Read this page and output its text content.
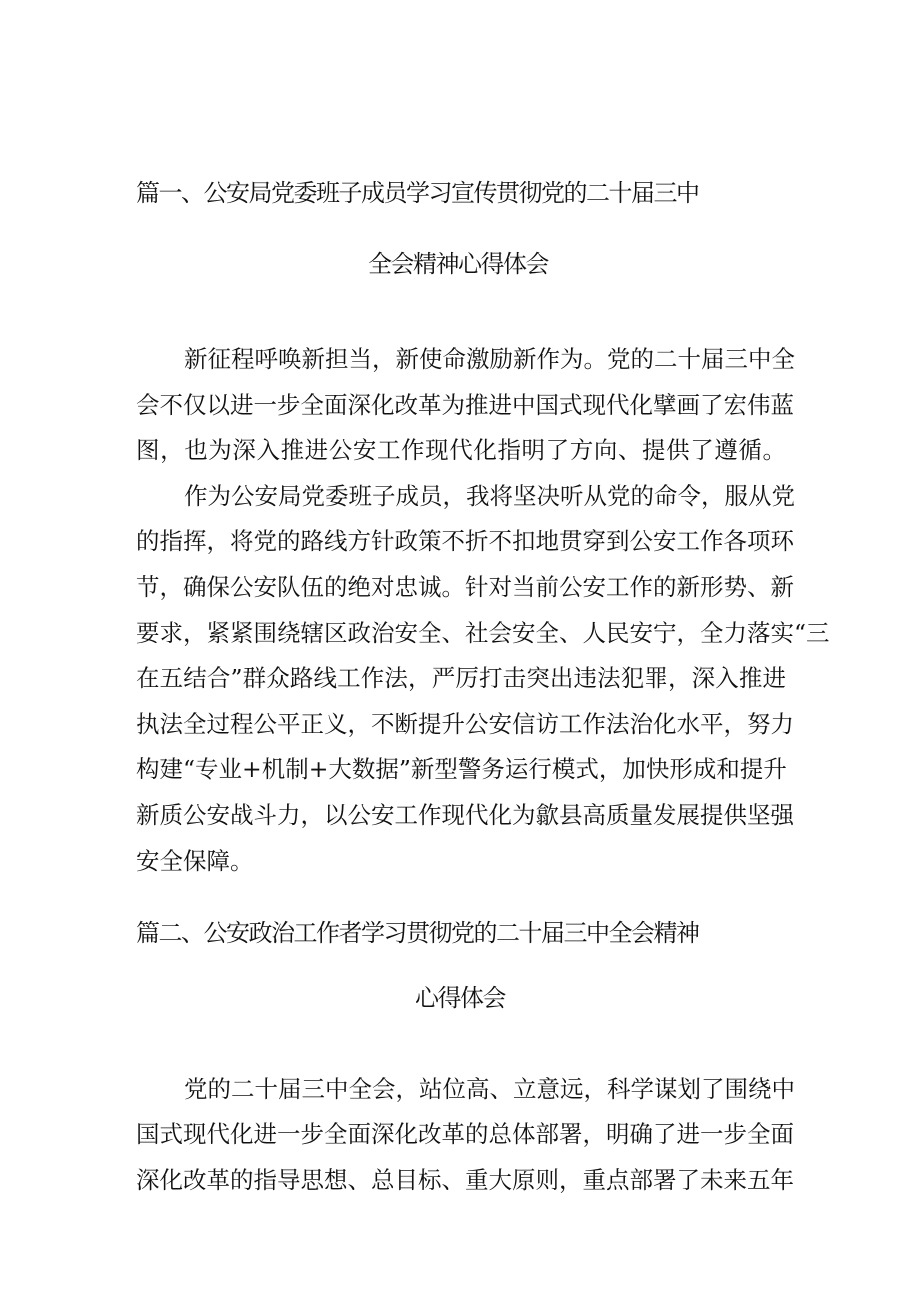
篇一、公安局党委班子成员学习宣传贯彻党的二十届三中
全会精神心得体会
新征程呼唤新担当，新使命激励新作为。党的二十届三中全
会不仅以进一步全面深化改革为推进中国式现代化擘画了宏伟蓝
图，也为深入推进公安工作现代化指明了方向、提供了遵循。
作为公安局党委班子成员，我将坚决听从党的命令，服从党
的指挥，将党的路线方针政策不折不扣地贯穿到公安工作各项环
节，确保公安队伍的绝对忠诚。针对当前公安工作的新形势、新
要求，紧紧围绕辖区政治安全、社会安全、人民安宁，全力落实“三
在五结合”群众路线工作法，严厉打击突出违法犯罪，深入推进
执法全过程公平正义，不断提升公安信访工作法治化水平，努力
构建“专业+机制+大数据”新型警务运行模式，加快形成和提升
新质公安战斗力，以公安工作现代化为歙县高质量发展提供坚强
安全保障。
篇二、公安政治工作者学习贯彻党的二十届三中全会精神
心得体会
党的二十届三中全会，站位高、立意远，科学谋划了围绕中
国式现代化进一步全面深化改革的总体部署，明确了进一步全面
深化改革的指导思想、总目标、重大原则，重点部署了未来五年
